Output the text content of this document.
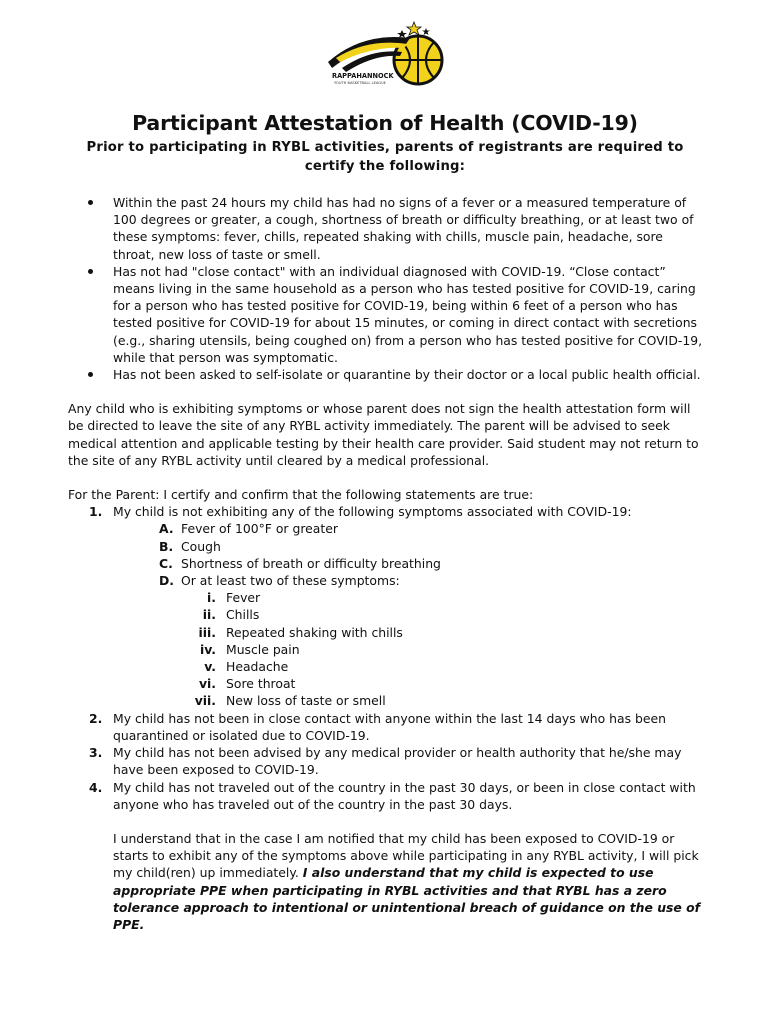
RAPPAHANNOCK
YOUTH BASKETBALL LEAGUE
Participant Attestation of Health (COVID-19)

Prior to participating in RYBL activities, parents of registrants are required to certify the following:

Within the past 24 hours my child has had no signs of a fever or a measured temperature of 100 degrees or greater, a cough, shortness of breath or difficulty breathing, or at least two of these symptoms: fever, chills, repeated shaking with chills, muscle pain, headache, sore throat, new loss of taste or smell.
Has not had "close contact" with an individual diagnosed with COVID-19. “Close contact” means living in the same household as a person who has tested positive for COVID-19, caring for a person who has tested positive for COVID-19, being within 6 feet of a person who has tested positive for COVID-19 for about 15 minutes, or coming in direct contact with secretions (e.g., sharing utensils, being coughed on) from a person who has tested positive for COVID-19, while that person was symptomatic.
Has not been asked to self-isolate or quarantine by their doctor or a local public health official.

Any child who is exhibiting symptoms or whose parent does not sign the health attestation form will be directed to leave the site of any RYBL activity immediately. The parent will be advised to seek medical attention and applicable testing by their health care provider. Said student may not return to the site of any RYBL activity until cleared by a medical professional.

For the Parent: I certify and confirm that the following statements are true:

1. My child is not exhibiting any of the following symptoms associated with COVID-19:
A. Fever of 100°F or greater
B. Cough
C. Shortness of breath or difficulty breathing
D. Or at least two of these symptoms:
i. Fever
ii. Chills
iii. Repeated shaking with chills
iv. Muscle pain
v. Headache
vi. Sore throat
vii. New loss of taste or smell
2. My child has not been in close contact with anyone within the last 14 days who has been quarantined or isolated due to COVID-19.
3. My child has not been advised by any medical provider or health authority that he/she may have been exposed to COVID-19.
4. My child has not traveled out of the country in the past 30 days, or been in close contact with anyone who has traveled out of the country in the past 30 days.

I understand that in the case I am notified that my child has been exposed to COVID-19 or starts to exhibit any of the symptoms above while participating in any RYBL activity, I will pick my child(ren) up immediately. I also understand that my child is expected to use appropriate PPE when participating in RYBL activities and that RYBL has a zero tolerance approach to intentional or unintentional breach of guidance on the use of PPE.
